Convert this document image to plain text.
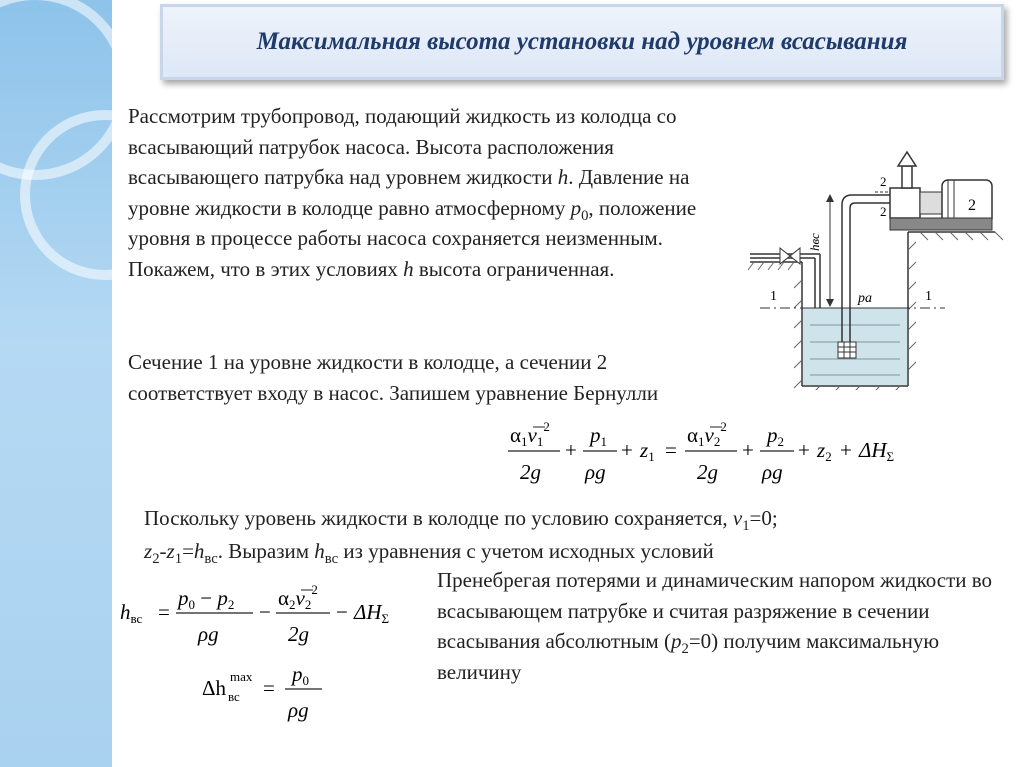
Максимальная высота установки над уровнем всасывания
Рассмотрим трубопровод, подающий жидкость из колодца со всасывающий патрубок насоса. Высота расположения всасывающего патрубка над уровнем жидкости h. Давление на уровне жидкости в колодце равно атмосферному $p_0$, положение уровня в процессе работы насоса сохраняется неизменным. Покажем, что в этих условиях h высота ограниченная.
Сечение 1 на уровне жидкости в колодце, а сечении 2 соответствует входу в насос. Запишем уравнение Бернулли
Поскольку уровень жидкости в колодце по условию сохраняется, $v_1=0$;
$z_2-z_1=h_{вс}$. Выразим $h_{вс}$ из уравнения с учетом исходных условий
Пренебрегая потерями и динамическим напором жидкости во всасывающем патрубке и считая разряжение в сечении всасывания абсолютным $(p_2=0)$ получим максимальную величину
1	1
hвс
pa
2
2
2
$\alpha 1v1^2$
2g
+
p1
ρg
+ z1 =
$\alpha 1v2^2$
2g
+
p2
ρg
+ z2 + ΔHΣ
hвс =
p0 − p2
ρg
−
$\alpha 2v2^2$
2g
− ΔHΣ
Δh вс
max =
p0
ρg
